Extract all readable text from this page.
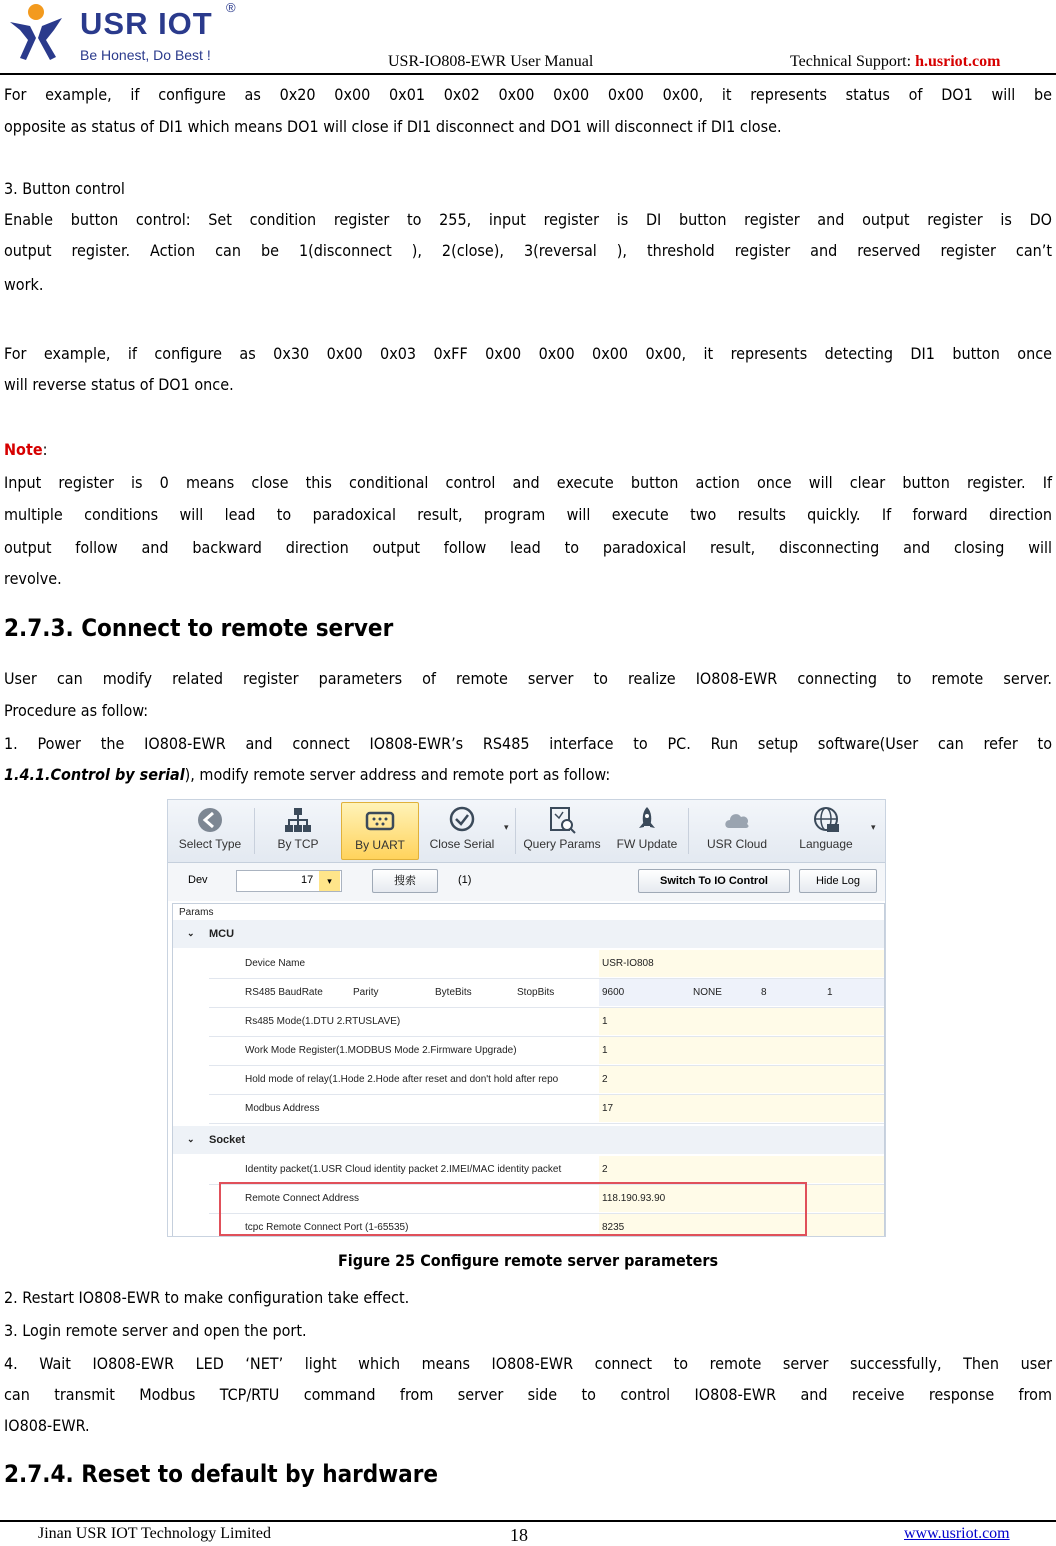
USR IOT ®
Be Honest, Do Best !	USR-IO808-EWR User Manual	Technical Support: h.usriot.com
For example, if configure as 0x20 0x00 0x01 0x02 0x00 0x00 0x00 0x00, it represents status of DO1 will be
opposite as status of DI1 which means DO1 will close if DI1 disconnect and DO1 will disconnect if DI1 close.
3. Button control
Enable button control: Set condition register to 255, input register is DI button register and output register is DO
output register. Action can be 1(disconnect ), 2(close), 3(reversal ), threshold register and reserved register can’t
work.
For example, if configure as 0x30 0x00 0x03 0xFF 0x00 0x00 0x00 0x00, it represents detecting DI1 button once
will reverse status of DO1 once.
Note:
Input register is 0 means close this conditional control and execute button action once will clear button register. If
multiple conditions will lead to paradoxical result, program will execute two results quickly. If forward direction
output follow and backward direction output follow lead to paradoxical result, disconnecting and closing will
revolve.
2.7.3. Connect to remote server
User can modify related register parameters of remote server to realize IO808-EWR connecting to remote server.
Procedure as follow:
1. Power the IO808-EWR and connect IO808-EWR’s RS485 interface to PC. Run setup software(User can refer to
1.4.1.Control by serial), modify remote server address and remote port as follow:
Select Type	By TCP	By UART	Close Serial
▾
Query Params	FW Update	USR Cloud	Language
▾
Dev	17	▾	搜索	(1)	Switch To IO Control	Hide Log
Params
⌄ MCU
Device Name	USR-IO808
RS485 BaudRate	Parity	ByteBits	StopBits	9600	NONE	8	1
Rs485 Mode(1.DTU 2.RTUSLAVE)	1
Work Mode Register(1.MODBUS Mode 2.Firmware Upgrade)	1
Hold mode of relay(1.Hode 2.Hode after reset and don't hold after repo	2
Modbus Address	17
⌄ Socket
Identity packet(1.USR Cloud identity packet 2.IMEI/MAC identity packet	2
Remote Connect Address	118.190.93.90
tcpc Remote Connect Port (1-65535)	8235
Figure 25 Configure remote server parameters
2. Restart IO808-EWR to make configuration take effect.
3. Login remote server and open the port.
4. Wait IO808-EWR LED ‘NET’ light which means IO808-EWR connect to remote server successfully, Then user
can transmit Modbus TCP/RTU command from server side to control IO808-EWR and receive response from
IO808-EWR.
2.7.4. Reset to default by hardware
Jinan USR IOT Technology Limited	18	www.usriot.com
